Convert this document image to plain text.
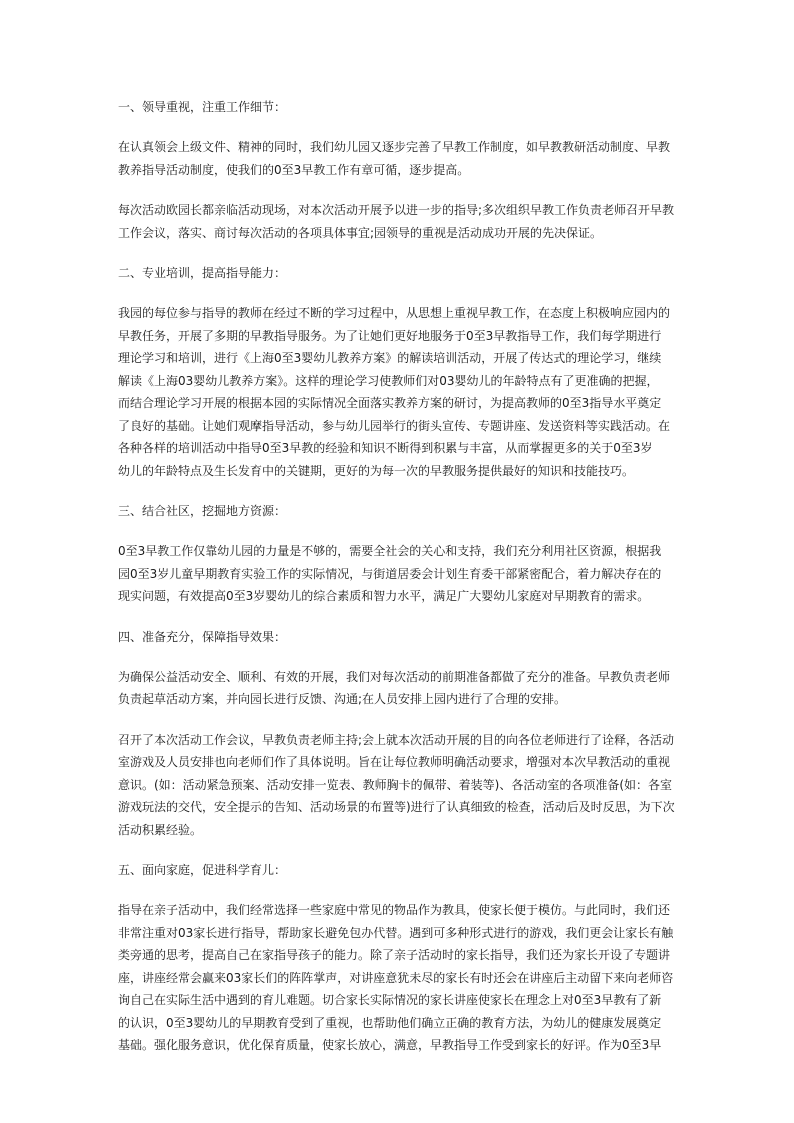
一、领导重视，注重工作细节：
在认真领会上级文件、精神的同时，我们幼儿园又逐步完善了早教工作制度，如早教教研活动制度、早教
教养指导活动制度，使我们的0至3早教工作有章可循，逐步提高。
每次活动欧园长都亲临活动现场，对本次活动开展予以进一步的指导;多次组织早教工作负责老师召开早教
工作会议，落实、商讨每次活动的各项具体事宜;园领导的重视是活动成功开展的先决保证。
二、专业培训，提高指导能力：
我园的每位参与指导的教师在经过不断的学习过程中，从思想上重视早教工作，在态度上积极响应园内的
早教任务，开展了多期的早教指导服务。为了让她们更好地服务于0至3早教指导工作，我们每学期进行
理论学习和培训，进行《上海0至3婴幼儿教养方案》的解读培训活动，开展了传达式的理论学习，继续
解读《上海03婴幼儿教养方案》。这样的理论学习使教师们对03婴幼儿的年龄特点有了更准确的把握，
而结合理论学习开展的根据本园的实际情况全面落实教养方案的研讨，为提高教师的0至3指导水平奠定
了良好的基础。让她们观摩指导活动，参与幼儿园举行的街头宣传、专题讲座、发送资料等实践活动。在
各种各样的培训活动中指导0至3早教的经验和知识不断得到积累与丰富，从而掌握更多的关于0至3岁
幼儿的年龄特点及生长发育中的关键期，更好的为每一次的早教服务提供最好的知识和技能技巧。
三、结合社区，挖掘地方资源：
0至3早教工作仅靠幼儿园的力量是不够的，需要全社会的关心和支持，我们充分利用社区资源，根据我
园0至3岁儿童早期教育实验工作的实际情况，与街道居委会计划生育委干部紧密配合，着力解决存在的
现实问题，有效提高0至3岁婴幼儿的综合素质和智力水平，满足广大婴幼儿家庭对早期教育的需求。
四、准备充分，保障指导效果：
为确保公益活动安全、顺利、有效的开展，我们对每次活动的前期准备都做了充分的准备。早教负责老师
负责起草活动方案，并向园长进行反馈、沟通;在人员安排上园内进行了合理的安排。
召开了本次活动工作会议，早教负责老师主持;会上就本次活动开展的目的向各位老师进行了诠释，各活动
室游戏及人员安排也向老师们作了具体说明。旨在让每位教师明确活动要求，增强对本次早教活动的重视
意识。(如：活动紧急预案、活动安排一览表、教师胸卡的佩带、着装等)、各活动室的各项准备(如：各室
游戏玩法的交代，安全提示的告知、活动场景的布置等)进行了认真细致的检查，活动后及时反思，为下次
活动积累经验。
五、面向家庭，促进科学育儿：
指导在亲子活动中，我们经常选择一些家庭中常见的物品作为教具，使家长便于模仿。与此同时，我们还
非常注重对03家长进行指导，帮助家长避免包办代替。遇到可多种形式进行的游戏，我们更会让家长有触
类旁通的思考，提高自己在家指导孩子的能力。除了亲子活动时的家长指导，我们还为家长开设了专题讲
座，讲座经常会赢来03家长们的阵阵掌声，对讲座意犹未尽的家长有时还会在讲座后主动留下来向老师咨
询自己在实际生活中遇到的育儿难题。切合家长实际情况的家长讲座使家长在理念上对0至3早教有了新
的认识，0至3婴幼儿的早期教育受到了重视，也帮助他们确立正确的教育方法，为幼儿的健康发展奠定
基础。强化服务意识，优化保育质量，使家长放心，满意，早教指导工作受到家长的好评。作为0至3早
